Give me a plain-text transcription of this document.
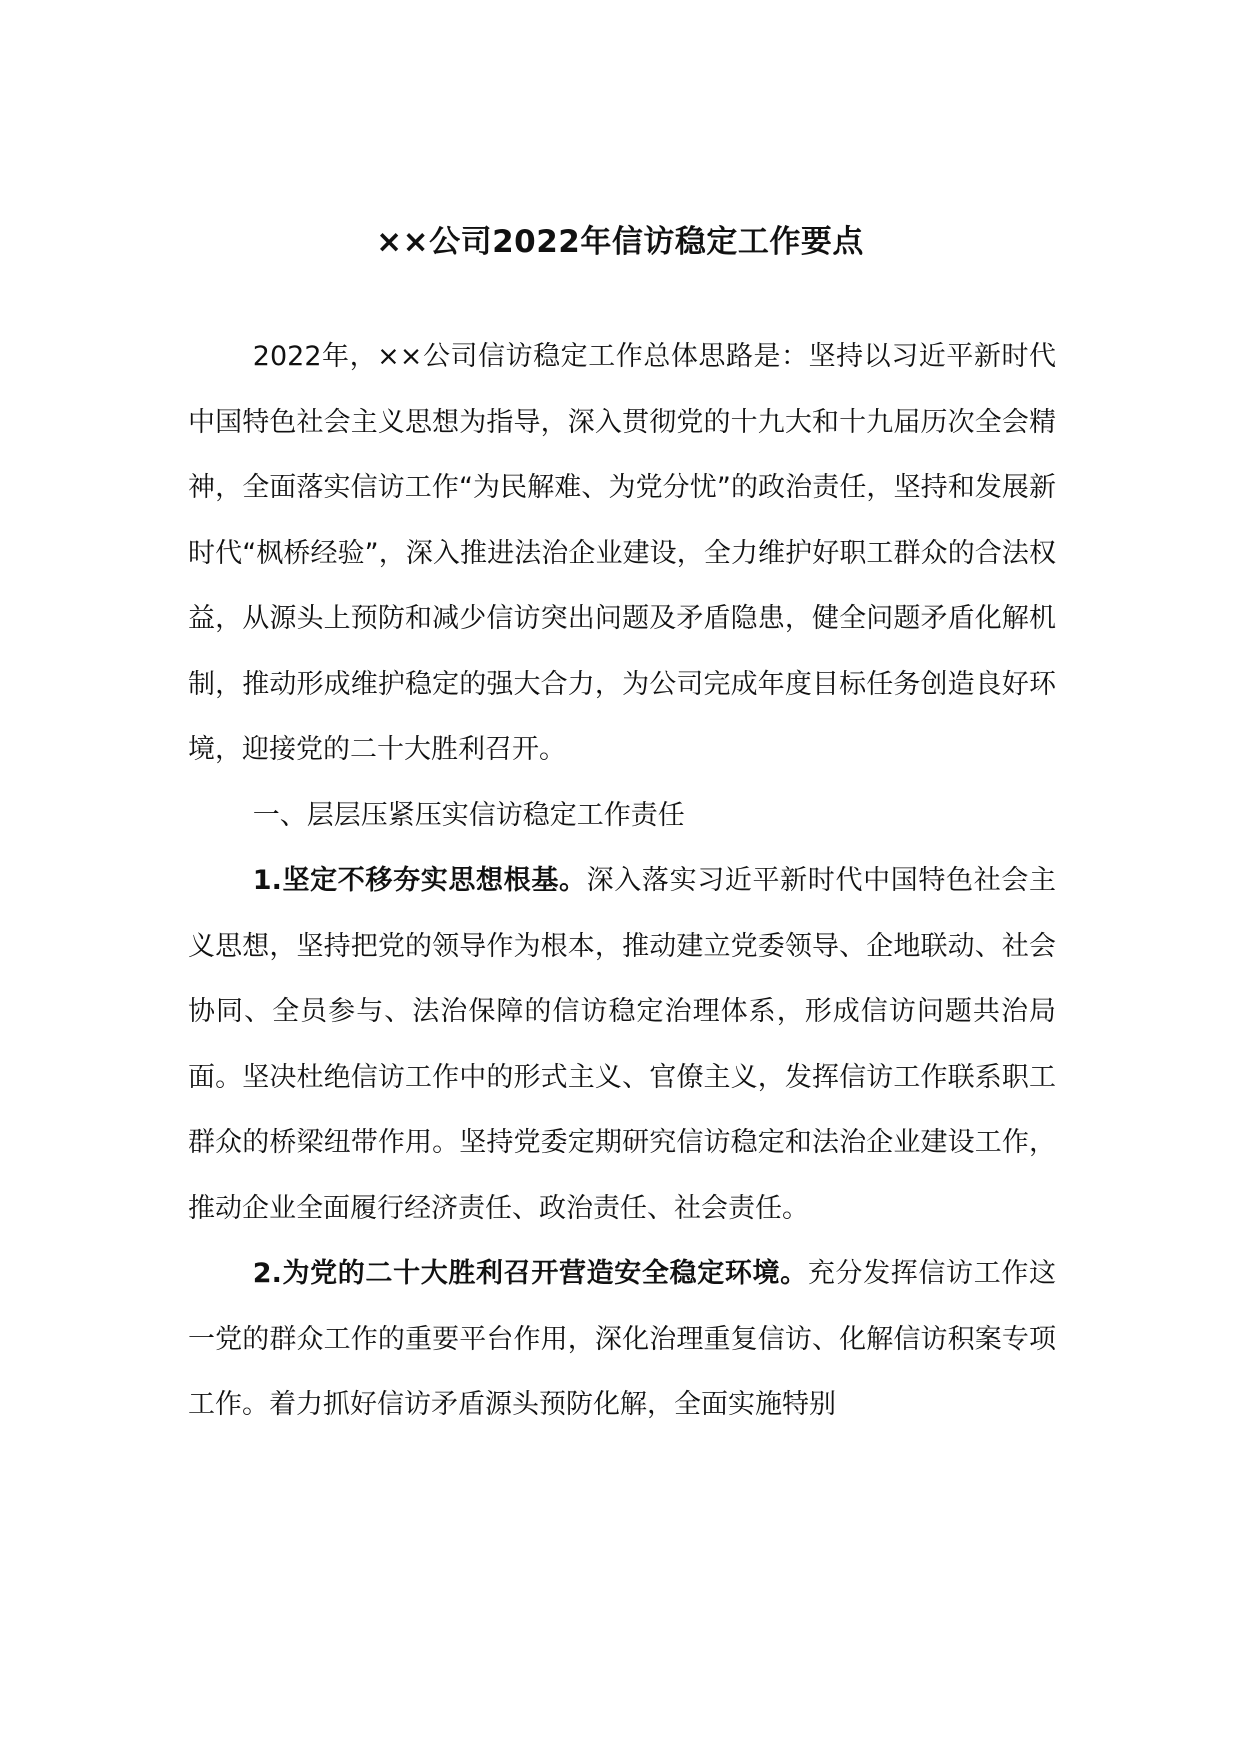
××公司2022年信访稳定工作要点

2022年，××公司信访稳定工作总体思路是：坚持以习近平新时代中国特色社会主义思想为指导，深入贯彻党的十九大和十九届历次全会精神，全面落实信访工作“为民解难、为党分忧”的政治责任，坚持和发展新时代“枫桥经验”，深入推进法治企业建设，全力维护好职工群众的合法权益，从源头上预防和减少信访突出问题及矛盾隐患，健全问题矛盾化解机制，推动形成维护稳定的强大合力，为公司完成年度目标任务创造良好环境，迎接党的二十大胜利召开。

一、层层压紧压实信访稳定工作责任

1.坚定不移夯实思想根基。深入落实习近平新时代中国特色社会主义思想，坚持把党的领导作为根本，推动建立党委领导、企地联动、社会协同、全员参与、法治保障的信访稳定治理体系，形成信访问题共治局面。坚决杜绝信访工作中的形式主义、官僚主义，发挥信访工作联系职工群众的桥梁纽带作用。坚持党委定期研究信访稳定和法治企业建设工作，推动企业全面履行经济责任、政治责任、社会责任。

2.为党的二十大胜利召开营造安全稳定环境。充分发挥信访工作这一党的群众工作的重要平台作用，深化治理重复信访、化解信访积案专项工作。着力抓好信访矛盾源头预防化解，全面实施特别
